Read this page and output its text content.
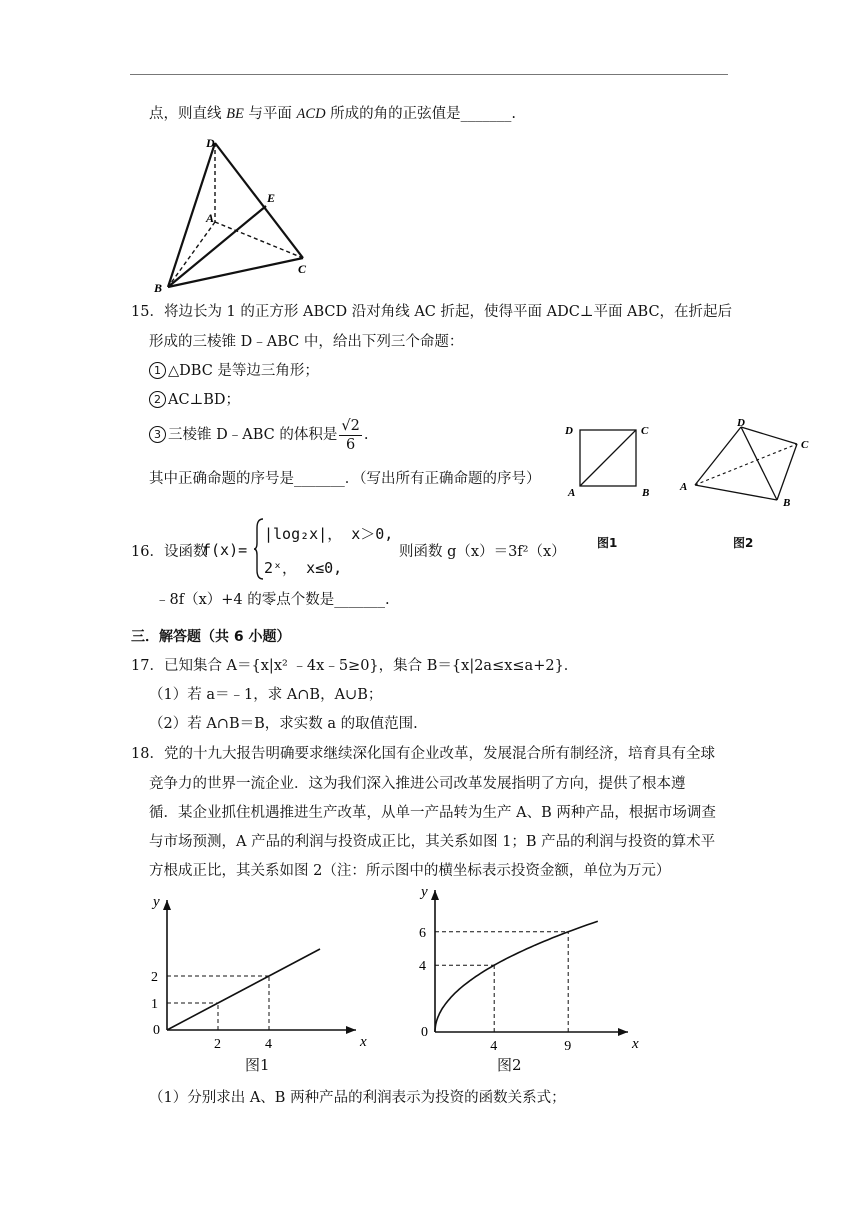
点，则直线 BE 与平面 ACD 所成的角的正弦值是_______.
D
E
A
B
C
15．将边长为 1 的正方形 ABCD 沿对角线 AC 折起，使得平面 ADC⊥平面 ABC，在折起后
形成的三棱锥 D﹣ABC 中，给出下列三个命题：
1 △DBC 是等边三角形；
2 AC⊥BD；
3 三棱锥 D﹣ABC 的体积是 $\frac{√2}{6}$ .
其中正确命题的序号是_______．（写出所有正确命题的序号）
D	C
A	B
D
C
A
B
图1	图2
16．设函数
f(x)=
|log₂x|， x＞0,
2ˣ， x≤0,
则函数 g（x）＝3f²（x）
﹣8f（x）+4 的零点个数是_______.
三．解答题（共 6 小题）
17．已知集合 A＝{x|x² ﹣4x﹣5≥0}，集合 B＝{x|2a≤x≤a+2}．
（1）若 a＝﹣1，求 A∩B，A∪B；
（2）若 A∩B＝B，求实数 a 的取值范围.
18．党的十九大报告明确要求继续深化国有企业改革，发展混合所有制经济，培育具有全球
竞争力的世界一流企业．这为我们深入推进公司改革发展指明了方向，提供了根本遵
循．某企业抓住机遇推进生产改革，从单一产品转为生产 A、B 两种产品，根据市场调查
与市场预测，A 产品的利润与投资成正比，其关系如图 1；B 产品的利润与投资的算术平
方根成正比，其关系如图 2（注：所示图中的横坐标表示投资金额，单位为万元）
x
y
0
2	4
1
2
x
y
0
4	9
4
6
图1	图2
（1）分别求出 A、B 两种产品的利润表示为投资的函数关系式；
